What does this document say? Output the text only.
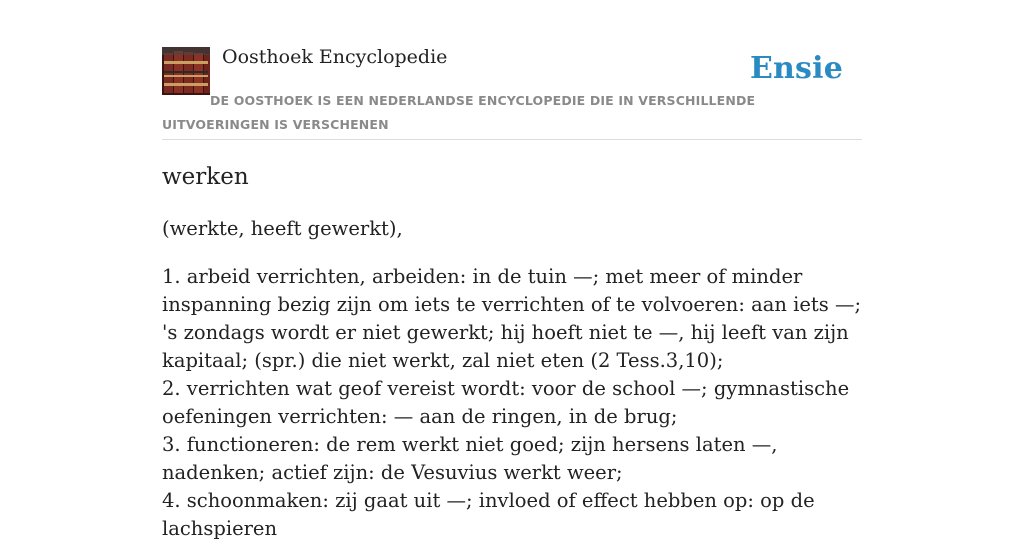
Oosthoek Encyclopedie	Ensie
DE OOSTHOEK IS EEN NEDERLANDSE ENCYCLOPEDIE DIE IN VERSCHILLENDE UITVOERINGEN IS VERSCHENEN
werken
(werkte, heeft gewerkt),
1. arbeid verrichten, arbeiden: in de tuin —; met meer of minder inspanning bezig zijn om iets te verrichten of te volvoeren: aan iets —; 's zondags wordt er niet gewerkt; hij hoeft niet te —, hij leeft van zijn kapitaal; (spr.) die niet werkt, zal niet eten (2 Tess.3,10);
2. verrichten wat geof vereist wordt: voor de school —; gymnastische oefeningen verrichten: — aan de ringen, in de brug;
3. functioneren: de rem werkt niet goed; zijn hersens laten —, nadenken; actief zijn: de Vesuvius werkt weer;
4. schoonmaken: zij gaat uit —; invloed of effect hebben op: op de lachspieren
